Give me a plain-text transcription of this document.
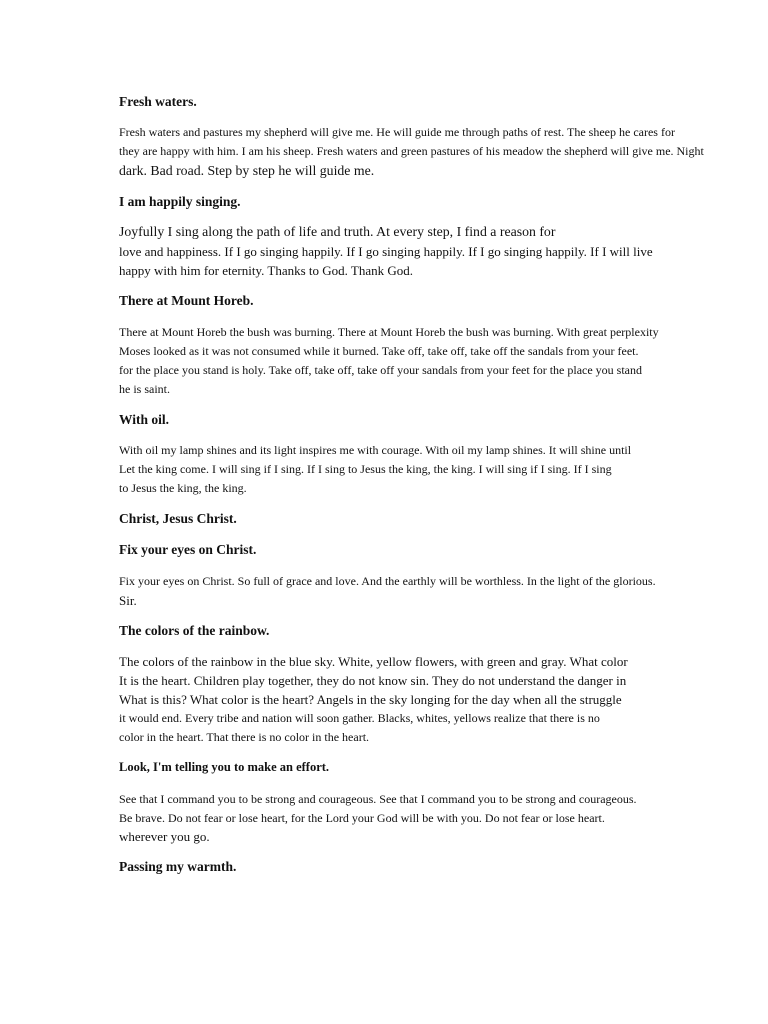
Fresh waters.
Fresh waters and pastures my shepherd will give me. He will guide me through paths of rest. The sheep he cares for
they are happy with him. I am his sheep. Fresh waters and green pastures of his meadow the shepherd will give me. Night
dark. Bad road. Step by step he will guide me.
I am happily singing.
Joyfully I sing along the path of life and truth. At every step, I find a reason for
love and happiness. If I go singing happily. If I go singing happily. If I go singing happily. If I will live
happy with him for eternity. Thanks to God. Thank God.
There at Mount Horeb.
There at Mount Horeb the bush was burning. There at Mount Horeb the bush was burning. With great perplexity
Moses looked as it was not consumed while it burned. Take off, take off, take off the sandals from your feet.
for the place you stand is holy. Take off, take off, take off your sandals from your feet for the place you stand
he is saint.
With oil.
With oil my lamp shines and its light inspires me with courage. With oil my lamp shines. It will shine until
Let the king come. I will sing if I sing. If I sing to Jesus the king, the king. I will sing if I sing. If I sing
to Jesus the king, the king.
Christ, Jesus Christ.
Fix your eyes on Christ.
Fix your eyes on Christ. So full of grace and love. And the earthly will be worthless. In the light of the glorious.
Sir.
The colors of the rainbow.
The colors of the rainbow in the blue sky. White, yellow flowers, with green and gray. What color
It is the heart. Children play together, they do not know sin. They do not understand the danger in
What is this? What color is the heart? Angels in the sky longing for the day when all the struggle
it would end. Every tribe and nation will soon gather. Blacks, whites, yellows realize that there is no
color in the heart. That there is no color in the heart.
Look, I'm telling you to make an effort.
See that I command you to be strong and courageous. See that I command you to be strong and courageous.
Be brave. Do not fear or lose heart, for the Lord your God will be with you. Do not fear or lose heart.
wherever you go.
Passing my warmth.
